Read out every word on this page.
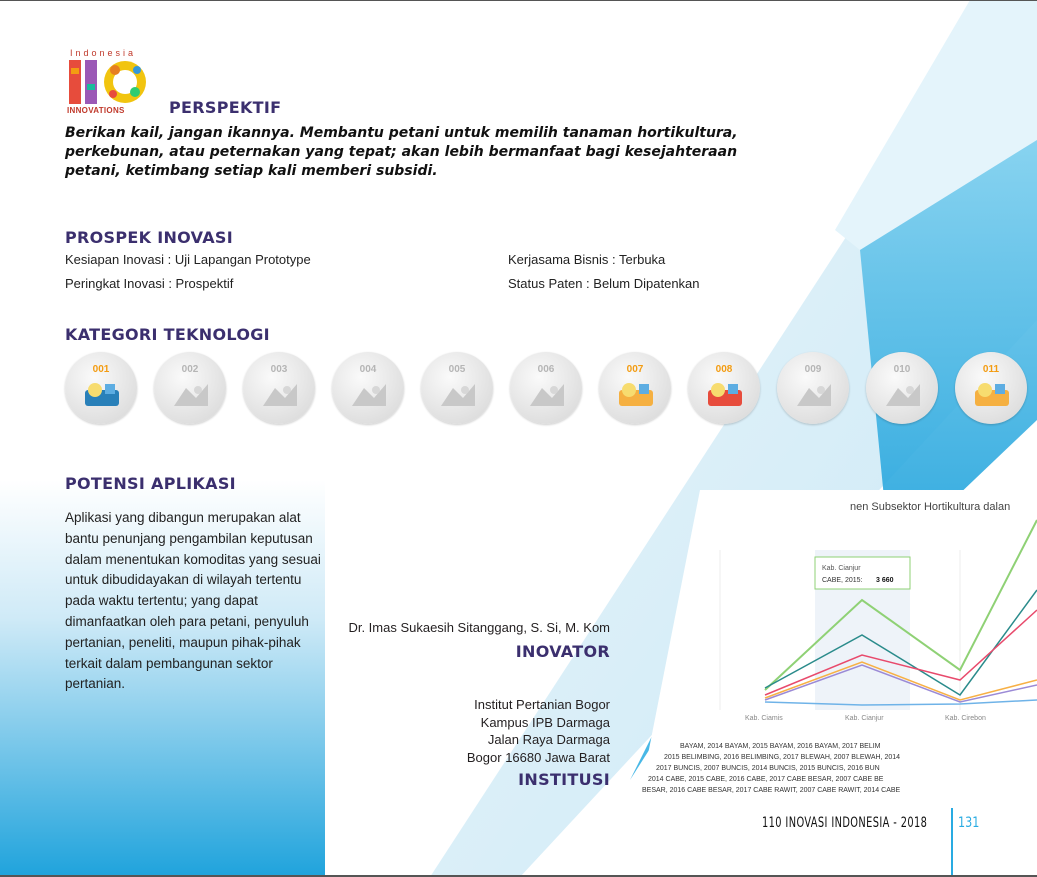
Indonesia
INNOVATIONS	PERSPEKTIF
Berikan kail, jangan ikannya. Membantu petani untuk memilih tanaman hortikultura, perkebunan, atau peternakan yang tepat; akan lebih bermanfaat bagi kesejahteraan petani, ketimbang setiap kali memberi subsidi.
PROSPEK INOVASI
Kesiapan Inovasi : Uji Lapangan Prototype
Peringkat Inovasi : Prospektif
Kerjasama Bisnis : Terbuka
Status Paten : Belum Dipatenkan
KATEGORI TEKNOLOGI
001	002	003	004	005	006	007	008	009	010	011
POTENSI APLIKASI
Aplikasi yang dibangun merupakan alat bantu penunjang pengambilan keputusan dalam menentukan komoditas yang sesuai untuk dibudidayakan di wilayah tertentu pada waktu tertentu; yang dapat dimanfaatkan oleh para petani, penyuluh pertanian, peneliti, maupun pihak-pihak terkait dalam pembangunan sektor pertanian.
Dr. Imas Sukaesih Sitanggang, S. Si, M. Kom
INOVATOR
Institut Pertanian Bogor
Kampus IPB Darmaga
Jalan Raya Darmaga
Bogor 16680 Jawa Barat
INSTITUSI
nen Subsektor Hortikultura dalan
Kab. Cianjur
CABE, 2015: 3 660
Kab. Ciamis	Kab. Cianjur	Kab. Cirebon
BAYAM, 2014 BAYAM, 2015 BAYAM, 2016 BAYAM, 2017 BELIM
2015 BELIMBING, 2016 BELIMBING, 2017 BLEWAH, 2007 BLEWAH, 2014
2017 BUNCIS, 2007 BUNCIS, 2014 BUNCIS, 2015 BUNCIS, 2016 BUN
2014 CABE, 2015 CABE, 2016 CABE, 2017 CABE BESAR, 2007 CABE BE
BESAR, 2016 CABE BESAR, 2017 CABE RAWIT, 2007 CABE RAWIT, 2014 CABE
110 INOVASI INDONESIA - 2018 131
